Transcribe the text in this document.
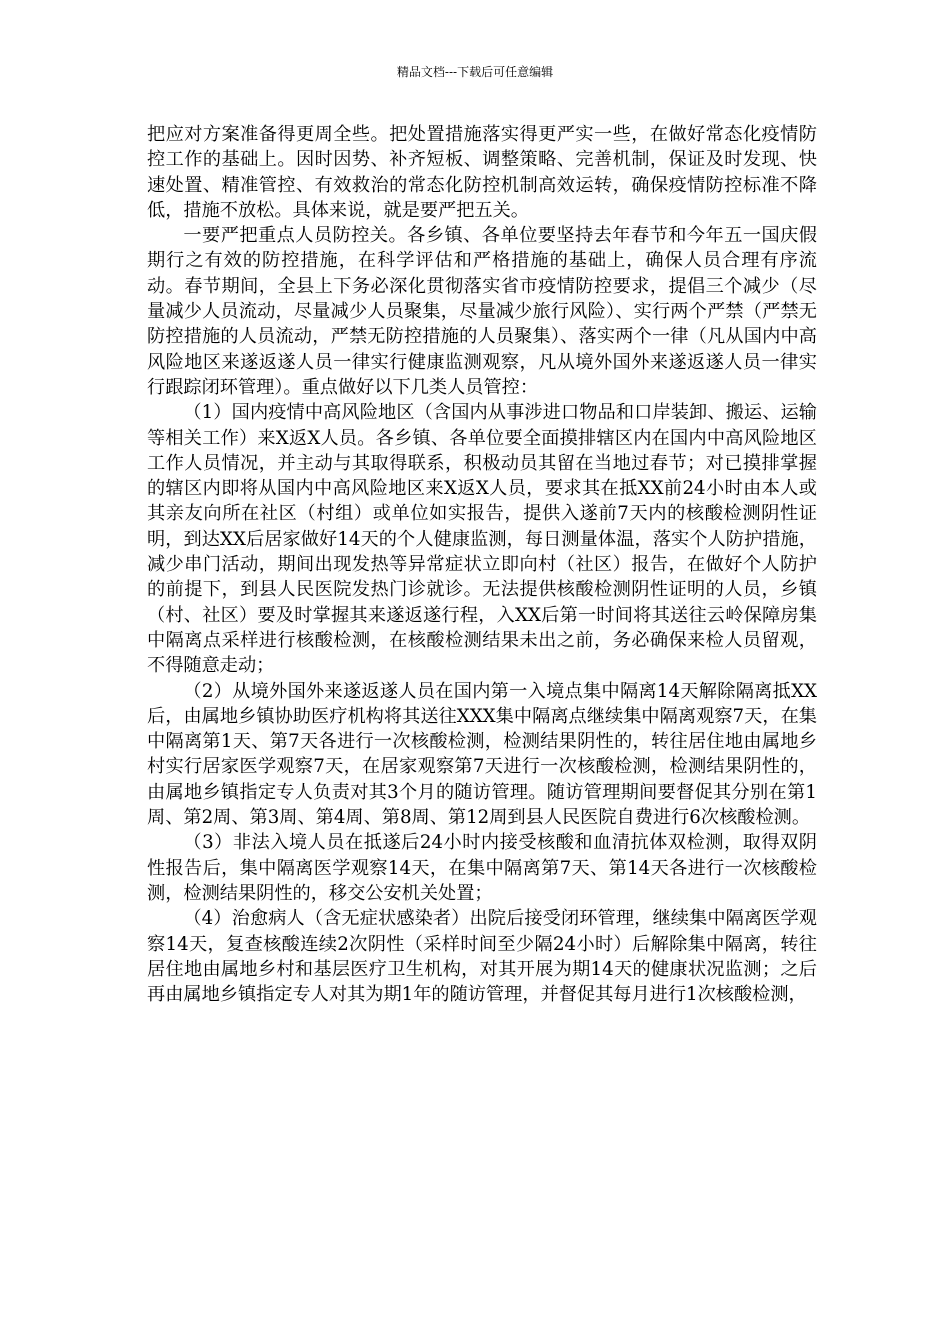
精品文档---下载后可任意编辑

把应对方案准备得更周全些。把处置措施落实得更严实一些，在做好常态化疫情防控工作的基础上。因时因势、补齐短板、调整策略、完善机制，保证及时发现、快速处置、精准管控、有效救治的常态化防控机制高效运转，确保疫情防控标准不降低，措施不放松。具体来说，就是要严把五关。

一要严把重点人员防控关。各乡镇、各单位要坚持去年春节和今年五一国庆假期行之有效的防控措施，在科学评估和严格措施的基础上，确保人员合理有序流动。春节期间，全县上下务必深化贯彻落实省市疫情防控要求，提倡三个减少（尽量减少人员流动，尽量减少人员聚集，尽量减少旅行风险）、实行两个严禁（严禁无防控措施的人员流动，严禁无防控措施的人员聚集）、落实两个一律（凡从国内中高风险地区来遂返遂人员一律实行健康监测观察，凡从境外国外来遂返遂人员一律实行跟踪闭环管理）。重点做好以下几类人员管控：

（1）国内疫情中高风险地区（含国内从事涉进口物品和口岸装卸、搬运、运输等相关工作）来X返X人员。各乡镇、各单位要全面摸排辖区内在国内中高风险地区工作人员情况，并主动与其取得联系，积极动员其留在当地过春节；对已摸排掌握的辖区内即将从国内中高风险地区来X返X人员，要求其在抵XX前24小时由本人或其亲友向所在社区（村组）或单位如实报告，提供入遂前7天内的核酸检测阴性证明，到达XX后居家做好14天的个人健康监测，每日测量体温，落实个人防护措施，减少串门活动，期间出现发热等异常症状立即向村（社区）报告，在做好个人防护的前提下，到县人民医院发热门诊就诊。无法提供核酸检测阴性证明的人员，乡镇（村、社区）要及时掌握其来遂返遂行程，入XX后第一时间将其送往云岭保障房集中隔离点采样进行核酸检测，在核酸检测结果未出之前，务必确保来检人员留观，不得随意走动；

（2）从境外国外来遂返遂人员在国内第一入境点集中隔离14天解除隔离抵XX后，由属地乡镇协助医疗机构将其送往XXX集中隔离点继续集中隔离观察7天，在集中隔离第1天、第7天各进行一次核酸检测，检测结果阴性的，转往居住地由属地乡村实行居家医学观察7天，在居家观察第7天进行一次核酸检测，检测结果阴性的，由属地乡镇指定专人负责对其3个月的随访管理。随访管理期间要督促其分别在第1周、第2周、第3周、第4周、第8周、第12周到县人民医院自费进行6次核酸检测。

（3）非法入境人员在抵遂后24小时内接受核酸和血清抗体双检测，取得双阴性报告后，集中隔离医学观察14天，在集中隔离第7天、第14天各进行一次核酸检测，检测结果阴性的，移交公安机关处置；

（4）治愈病人（含无症状感染者）出院后接受闭环管理，继续集中隔离医学观察14天，复查核酸连续2次阴性（采样时间至少隔24小时）后解除集中隔离，转往居住地由属地乡村和基层医疗卫生机构，对其开展为期14天的健康状况监测；之后再由属地乡镇指定专人对其为期1年的随访管理，并督促其每月进行1次核酸检测，
